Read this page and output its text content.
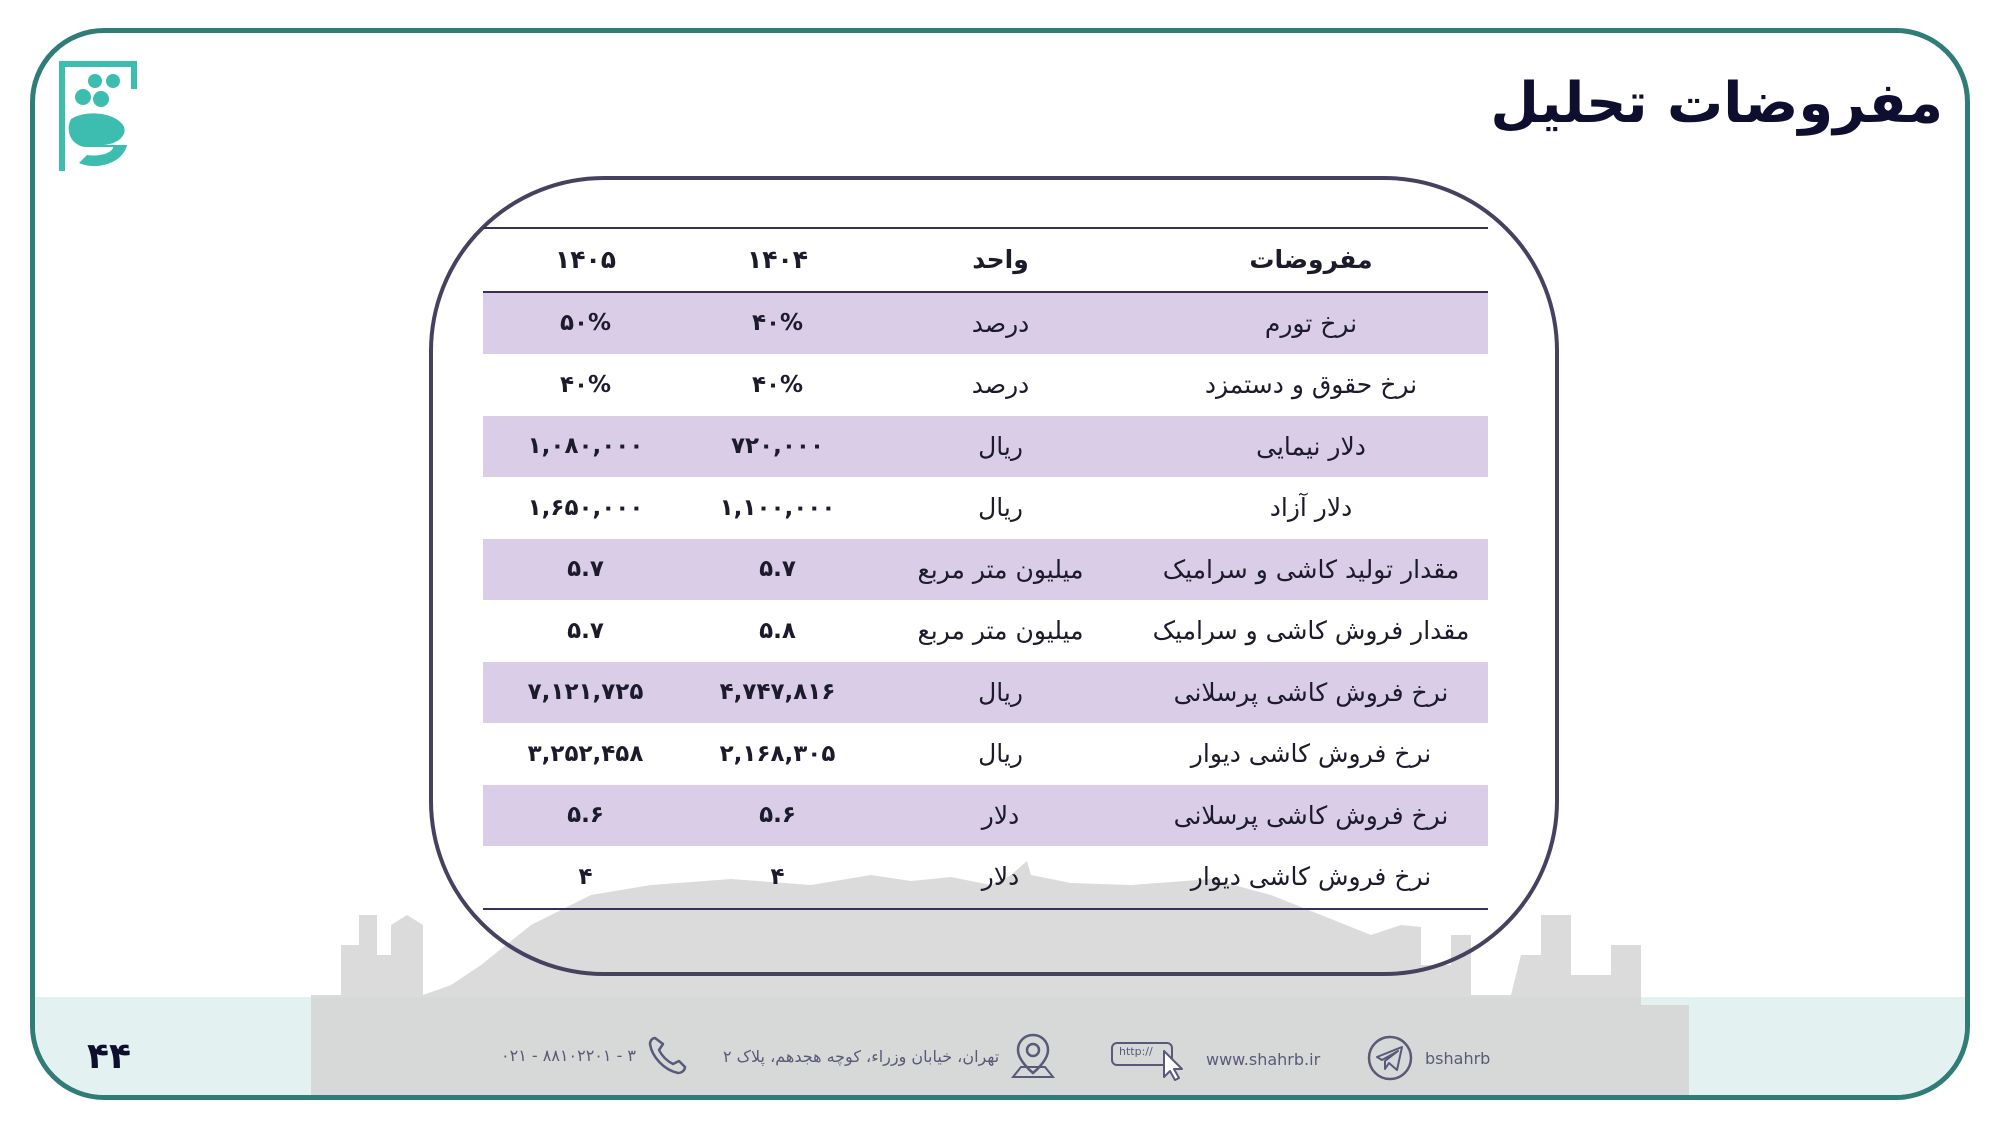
مفروضات تحلیل

۴۴	۰۲۱ - ۸۸۱۰۲۲۰۱ - ۳	تهران، خیابان وزراء، کوچه هجدهم، پلاک ۲	http://	www.shahrb.ir	bshahrb
مفروضات	واحد	۱۴۰۴	۱۴۰۵
نرخ تورم	درصد	۴۰%	۵۰%
نرخ حقوق و دستمزد	درصد	۴۰%	۴۰%
دلار نیمایی	ریال	۷۲۰,۰۰۰	۱,۰۸۰,۰۰۰
دلار آزاد	ریال	۱,۱۰۰,۰۰۰	۱,۶۵۰,۰۰۰
مقدار تولید کاشی و سرامیک	میلیون متر مربع	۵.۷	۵.۷
مقدار فروش کاشی و سرامیک	میلیون متر مربع	۵.۸	۵.۷
نرخ فروش کاشی پرسلانی	ریال	۴,۷۴۷,۸۱۶	۷,۱۲۱,۷۲۵
نرخ فروش کاشی دیوار	ریال	۲,۱۶۸,۳۰۵	۳,۲۵۲,۴۵۸
نرخ فروش کاشی پرسلانی	دلار	۵.۶	۵.۶
نرخ فروش کاشی دیوار	دلار	۴	۴
